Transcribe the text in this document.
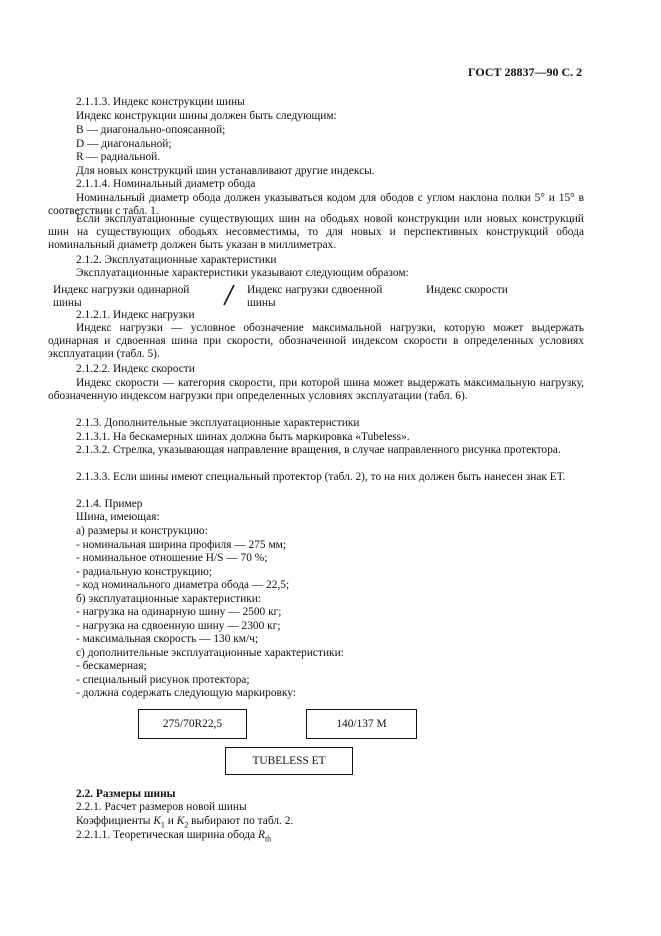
ГОСТ 28837—90 С. 2
2.1.1.3. Индекс конструкции шины
Индекс конструкции шины должен быть следующим:
В — диагонально-опоясанной;
D — диагональной;
R — радиальной.
Для новых конструкций шин устанавливают другие индексы.
2.1.1.4. Номинальный диаметр обода
Номинальный диаметр обода должен указываться кодом для ободов с углом наклона полки 5° и 15° в соответствии с табл. 1.
Если эксплуатационные существующих шин на ободьях новой конструкции или новых конструкций шин на существующих ободьях несовместимы, то для новых и перспективных конструкций обода номинальный диаметр должен быть указан в миллиметрах.
2.1.2. Эксплуатационные характеристики
Эксплуатационные характеристики указывают следующим образом:
Индекс нагрузки одинарной
шины
Индекс нагрузки сдвоенной
шины
Индекс скорости
2.1.2.1. Индекс нагрузки
Индекс нагрузки — условное обозначение максимальной нагрузки, которую может выдержать одинарная и сдвоенная шина при скорости, обозначенной индексом скорости в определенных условиях эксплуатации (табл. 5).
2.1.2.2. Индекс скорости
Индекс скорости — категория скорости, при которой шина может выдержать максимальную нагрузку, обозначенную индексом нагрузки при определенных условиях эксплуатации (табл. 6).
2.1.3. Дополнительные эксплуатационные характеристики
2.1.3.1. На бескамерных шинах должна быть маркировка «Tubeless».
2.1.3.2. Стрелка, указывающая направление вращения, в случае направленного рисунка протектора.
2.1.3.3. Если шины имеют специальный протектор (табл. 2), то на них должен быть нанесен знак ЕТ.
2.1.4. Пример
Шина, имеющая:
а) размеры и конструкцию:
- номинальная ширина профиля — 275 мм;
- номинальное отношение H/S — 70 %;
- радиальную конструкцию;
- код номинального диаметра обода — 22,5;
б) эксплуатационные характеристики:
- нагрузка на одинарную шину — 2500 кг;
- нагрузка на сдвоенную шину — 2300 кг;
- максимальная скорость — 130 км/ч;
с) дополнительные эксплуатационные характеристики:
- бескамерная;
- специальный рисунок протектора;
- должна содержать следующую маркировку:
275/70R22,5	140/137 M
TUBELESS ET
2.2. Размеры шины
2.2.1. Расчет размеров новой шины
Коэффициенты $K_1$ и $K_2$ выбирают по табл. 2.
2.2.1.1. Теоретическая ширина обода $R_{th}$
